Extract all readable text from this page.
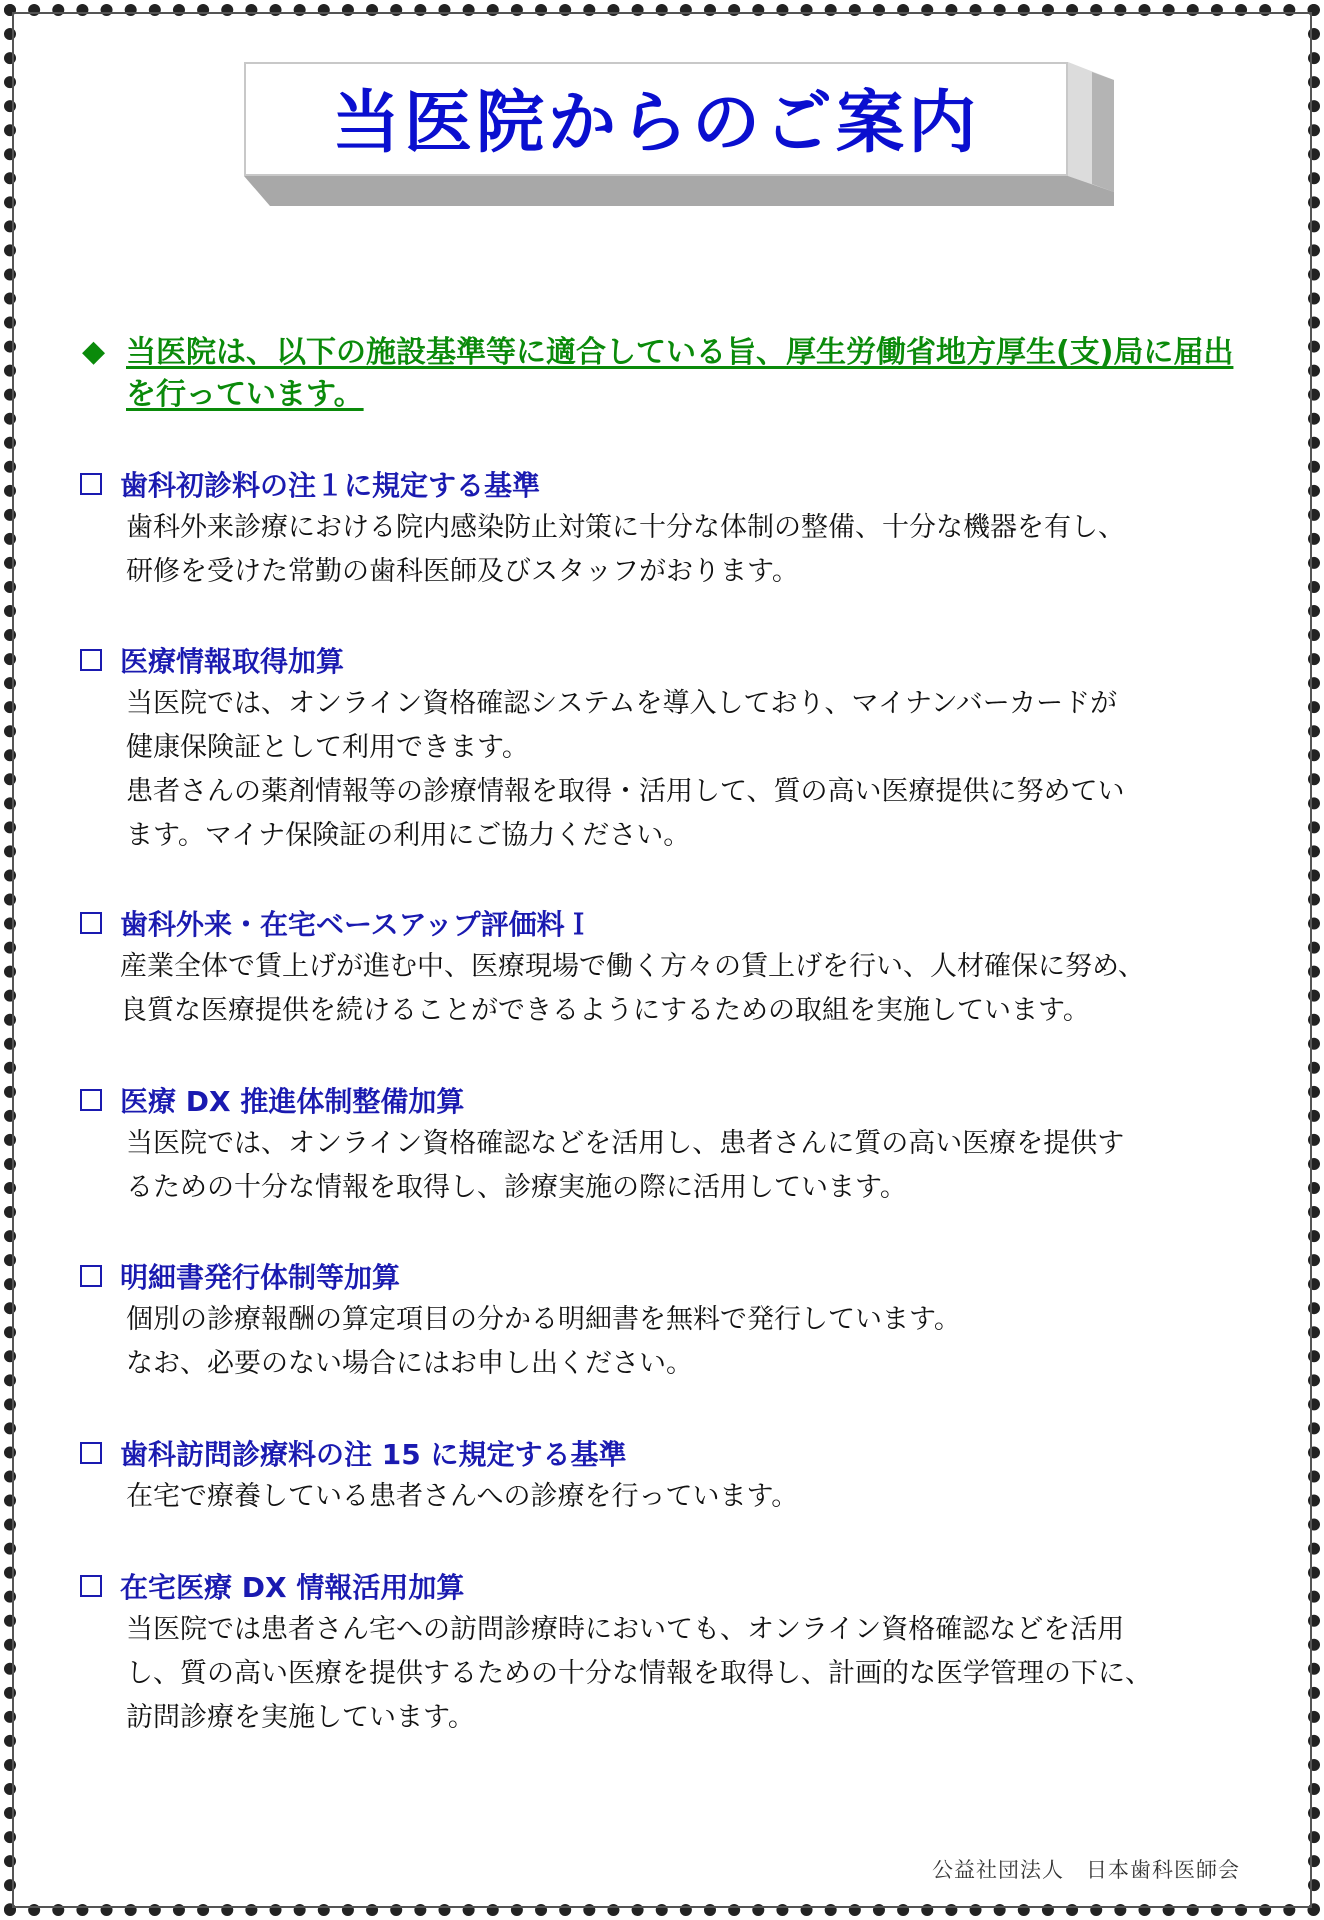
当医院からのご案内
◆ 当医院は、以下の施設基準等に適合している旨、厚生労働省地方厚生(支)局に届出
を行っています。
歯科初診料の注１に規定する基準
歯科外来診療における院内感染防止対策に十分な体制の整備、十分な機器を有し、
研修を受けた常勤の歯科医師及びスタッフがおります。
医療情報取得加算
当医院では、オンライン資格確認システムを導入しており、マイナンバーカードが
健康保険証として利用できます。
患者さんの薬剤情報等の診療情報を取得・活用して、質の高い医療提供に努めてい
ます。マイナ保険証の利用にご協力ください。
歯科外来・在宅ベースアップ評価料Ｉ
産業全体で賃上げが進む中、医療現場で働く方々の賃上げを行い、人材確保に努め、
良質な医療提供を続けることができるようにするための取組を実施しています。
医療 DX 推進体制整備加算
当医院では、オンライン資格確認などを活用し、患者さんに質の高い医療を提供す
るための十分な情報を取得し、診療実施の際に活用しています。
明細書発行体制等加算
個別の診療報酬の算定項目の分かる明細書を無料で発行しています。
なお、必要のない場合にはお申し出ください。
歯科訪問診療料の注 15 に規定する基準
在宅で療養している患者さんへの診療を行っています。
在宅医療 DX 情報活用加算
当医院では患者さん宅への訪問診療時においても、オンライン資格確認などを活用
し、質の高い医療を提供するための十分な情報を取得し、計画的な医学管理の下に、
訪問診療を実施しています。
公益社団法人　日本歯科医師会
